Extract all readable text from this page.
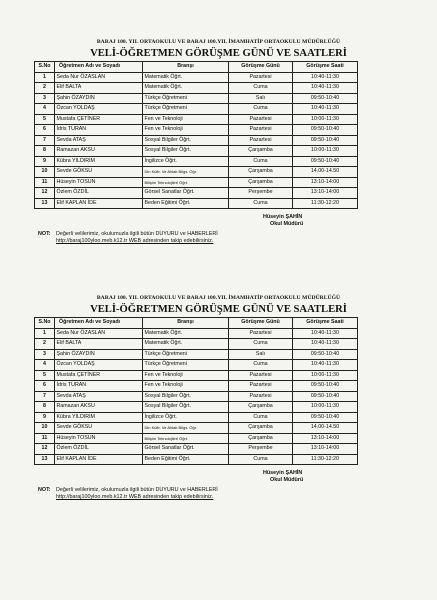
BARAJ 100. YIL ORTAOKULU VE BARAJ 100.YIL İMAMHATİP ORTAOKULU MÜDÜRLÜĞÜ
VELİ-ÖĞRETMEN GÖRÜŞME GÜNÜ VE SAATLERİ
S.No	Öğretmen Adı ve Soyadı	Branşı	Görüşme Günü	Görüşme Saati
1	Seda Nur ÖZASLAN	Matematik Öğrt.	Pazartesi	10:40-11:30
2	Elif BALTA	Matematik Öğrt.	Cuma	10:40-11:30
3	Şahin ÖZAYDIN	Türkçe Öğretmeni	Salı	09:50-10:40
4	Özcan YOLDAŞ	Türkçe Öğretmeni	Cuma	10:40-11:30
5	Mustafa ÇETİNER	Fen ve Teknoloji	Pazartesi	10:00-11:30
6	İdris TURAN	Fen ve Teknoloji	Pazartesi	09:50-10:40
7	Sevda ATAŞ	Sosyal Bilgiler Öğrt.	Pazartesi	09:50-10:40
8	Ramazan AKSU	Sosyal Bilgiler Öğrt.	Çarşamba	10:00-11:30
9	Kübra YILDIRIM	İngilizce Öğrt.	Cuma	09:50-10:40
10	Sevde GÖKSU	Din Kültr. Ve Ahlak Bilgs. Öğr.	Çarşamba	14.00-14.50
11	Hüseyin TOSUN	Bilişim Teknolojileri Öğrt.	Çarşamba	13:10-14:00
12	Özlem ÖZDİL	Görsel Sanatlar Öğrt.	Perşembe	13:10-14:00
13	Elif KAPLAN İDE	Beden Eğitimi Öğrt.	Cuma	11:30-12:20
Hüseyin ŞAHİN
Okul Müdürü
NOT: Değerli velilerimiz, okulumuzla ilgili bütün DUYURU ve HABERLERİ
http://baraj100yloo.meb.k12.tr WEB adresinden takip edebilirsiniz.
BARAJ 100. YIL ORTAOKULU VE BARAJ 100.YIL İMAMHATİP ORTAOKULU MÜDÜRLÜĞÜ
VELİ-ÖĞRETMEN GÖRÜŞME GÜNÜ VE SAATLERİ
S.No	Öğretmen Adı ve Soyadı	Branşı	Görüşme Günü	Görüşme Saati
1	Seda Nur ÖZASLAN	Matematik Öğrt.	Pazartesi	10:40-11:30
2	Elif BALTA	Matematik Öğrt.	Cuma	10:40-11:30
3	Şahin ÖZAYDIN	Türkçe Öğretmeni	Salı	09:50-10:40
4	Özcan YOLDAŞ	Türkçe Öğretmeni	Cuma	10:40-11:30
5	Mustafa ÇETİNER	Fen ve Teknoloji	Pazartesi	10:00-11:30
6	İdris TURAN	Fen ve Teknoloji	Pazartesi	09:50-10:40
7	Sevda ATAŞ	Sosyal Bilgiler Öğrt.	Pazartesi	09:50-10:40
8	Ramazan AKSU	Sosyal Bilgiler Öğrt.	Çarşamba	10:00-11:30
9	Kübra YILDIRIM	İngilizce Öğrt.	Cuma	09:50-10:40
10	Sevde GÖKSU	Din Kültr. Ve Ahlak Bilgs. Öğr.	Çarşamba	14.00-14.50
11	Hüseyin TOSUN	Bilişim Teknolojileri Öğrt.	Çarşamba	13:10-14:00
12	Özlem ÖZDİL	Görsel Sanatlar Öğrt.	Perşembe	13:10-14:00
13	Elif KAPLAN İDE	Beden Eğitimi Öğrt.	Cuma	11:30-12:20
Hüseyin ŞAHİN
Okul Müdürü
NOT: Değerli velilerimiz, okulumuzla ilgili bütün DUYURU ve HABERLERİ
http://baraj100yloo.meb.k12.tr WEB adresinden takip edebilirsiniz.
